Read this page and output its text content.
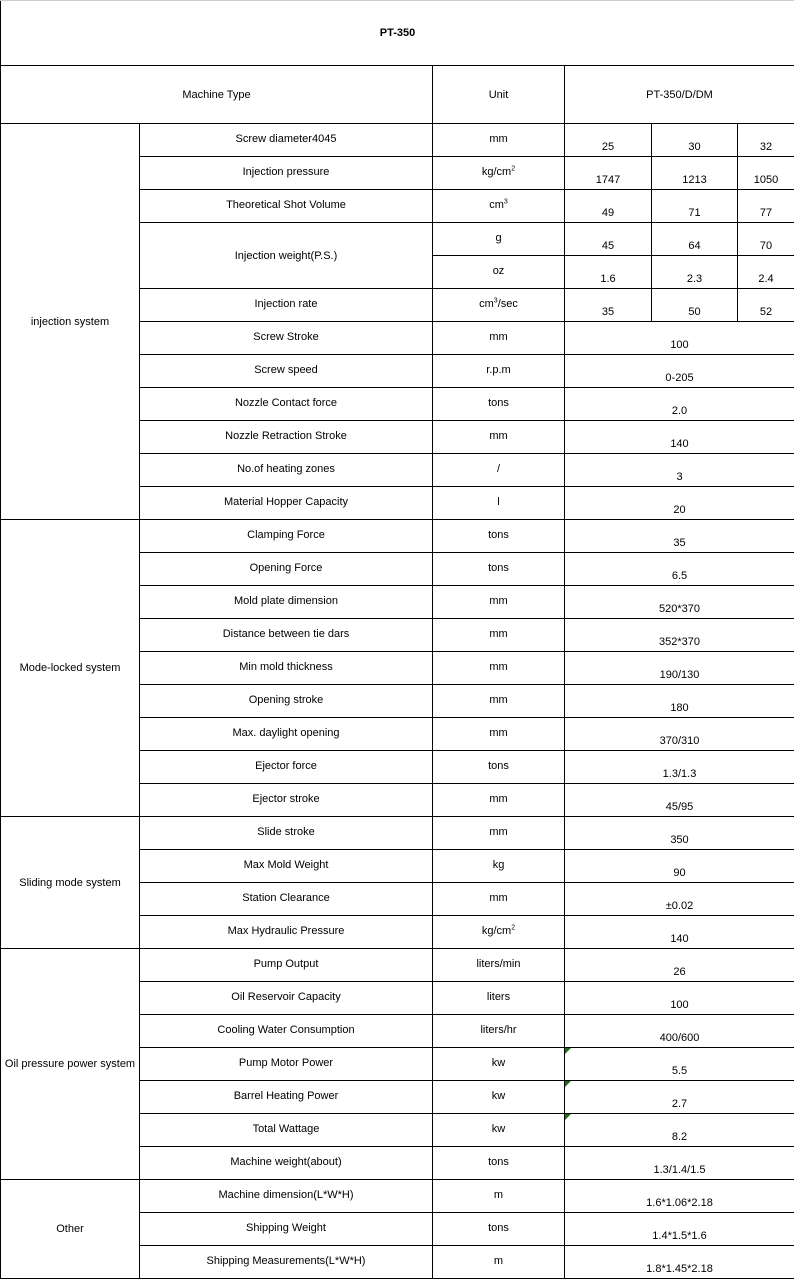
PT-350					
Machine Type		Unit	PT-350/D/DM		
injection system	Screw diameter4045	mm	25	30	32
	Injection pressure	$kg/cm^2$	1747	1213	1050
	Theoretical Shot Volume	$cm^3$	49	71	77
	Injection weight(P.S.)	g	45	64	70
		oz	1.6	2.3	2.4
	Injection rate	$cm^3/\sec$	35	50	52
	Screw Stroke	mm	100		
	Screw speed	r.p.m	0-205		
	Nozzle Contact force	tons	2.0		
	Nozzle Retraction Stroke	mm	140		
	No.of heating zones	/	3		
	Material Hopper Capacity	l	20		
Mode-locked system	Clamping Force	tons	35		
	Opening Force	tons	6.5		
	Mold plate dimension	mm	520*370		
	Distance between tie dars	mm	352*370		
	Min mold thickness	mm	190/130		
	Opening stroke	mm	180		
	Max. daylight opening	mm	370/310		
	Ejector force	tons	1.3/1.3		
	Ejector stroke	mm	45/95		
Sliding mode system	Slide stroke	mm	350		
	Max Mold Weight	kg	90		
	Station Clearance	mm	±0.02		
	Max Hydraulic Pressure	$kg/cm^2$	140		
Oil pressure power system	Pump Output	liters/min	26		
	Oil Reservoir Capacity	liters	100		
	Cooling Water Consumption	liters/hr	400/600		
	Pump Motor Power	kw	5.5		
	Barrel Heating Power	kw	2.7		
	Total Wattage	kw	8.2		
	Machine weight(about)	tons	1.3/1.4/1.5		
Other	Machine dimension(L*W*H)	m	1.6*1.06*2.18		
	Shipping Weight	tons	1.4*1.5*1.6		
	Shipping Measurements(L*W*H)	m	1.8*1.45*2.18		
